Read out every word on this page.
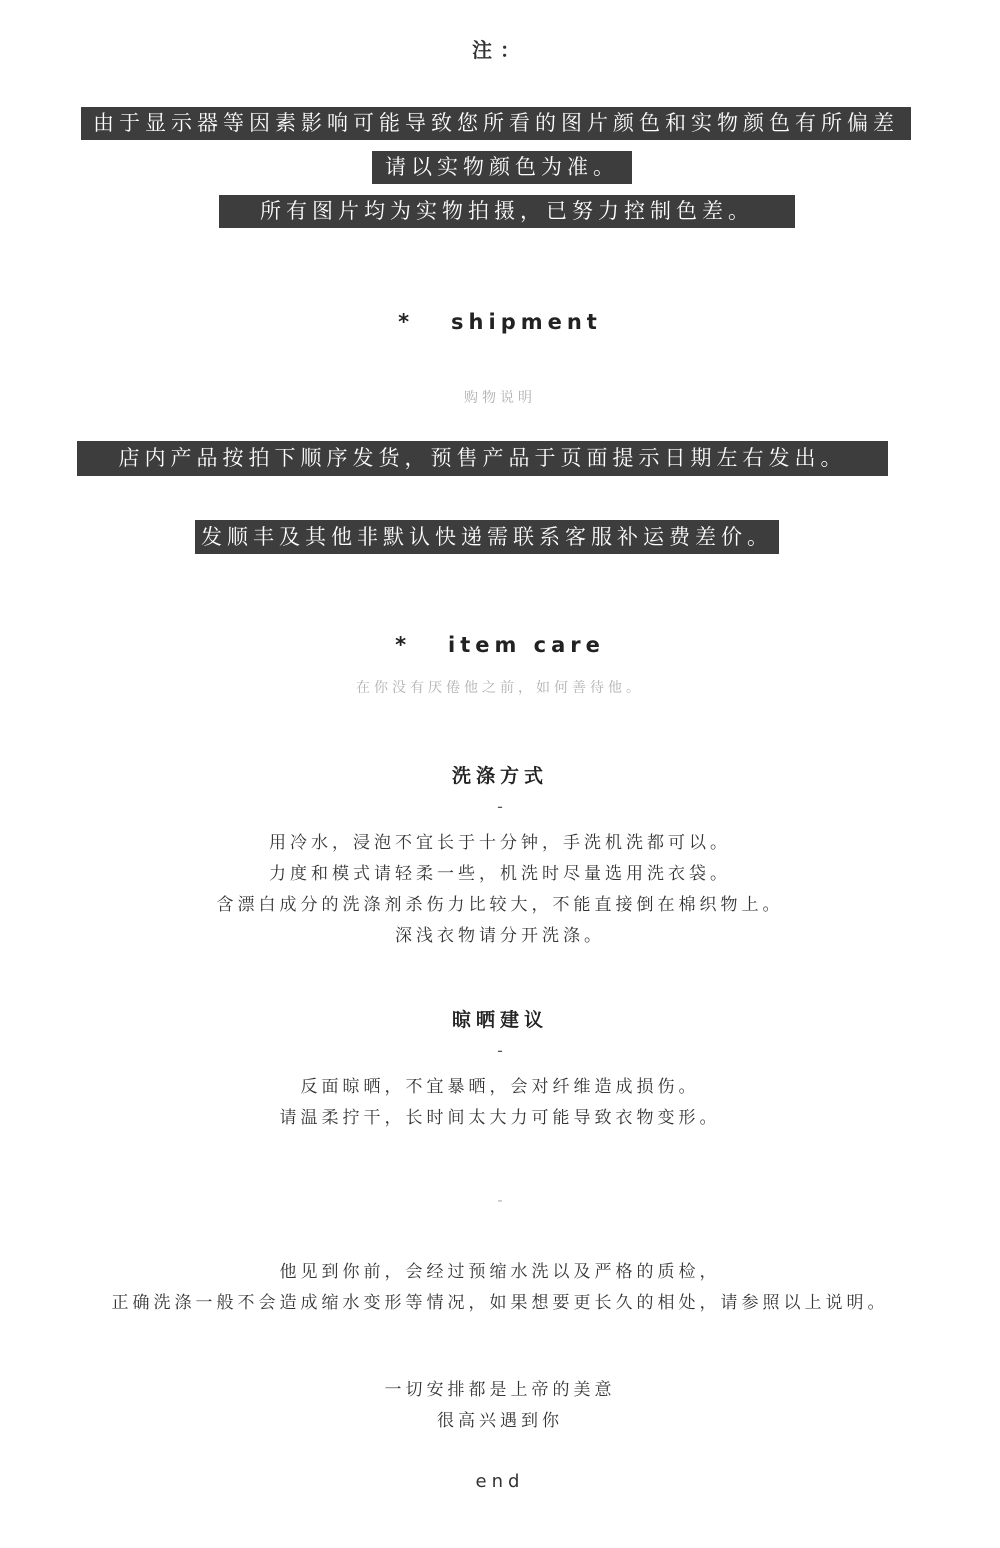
注：
由于显示器等因素影响可能导致您所看的图片颜色和实物颜色有所偏差
请以实物颜色为准。
所有图片均为实物拍摄，已努力控制色差。
*   shipment
购物说明
店内产品按拍下顺序发货，预售产品于页面提示日期左右发出。
发顺丰及其他非默认快递需联系客服补运费差价。
*   item care
在你没有厌倦他之前，如何善待他。
洗涤方式
-
用冷水，浸泡不宜长于十分钟，手洗机洗都可以。
力度和模式请轻柔一些，机洗时尽量选用洗衣袋。
含漂白成分的洗涤剂杀伤力比较大，不能直接倒在棉织物上。
深浅衣物请分开洗涤。
晾晒建议
-
反面晾晒，不宜暴晒，会对纤维造成损伤。
请温柔拧干，长时间太大力可能导致衣物变形。
-
他见到你前，会经过预缩水洗以及严格的质检，
正确洗涤一般不会造成缩水变形等情况，如果想要更长久的相处，请参照以上说明。
一切安排都是上帝的美意
很高兴遇到你
end
